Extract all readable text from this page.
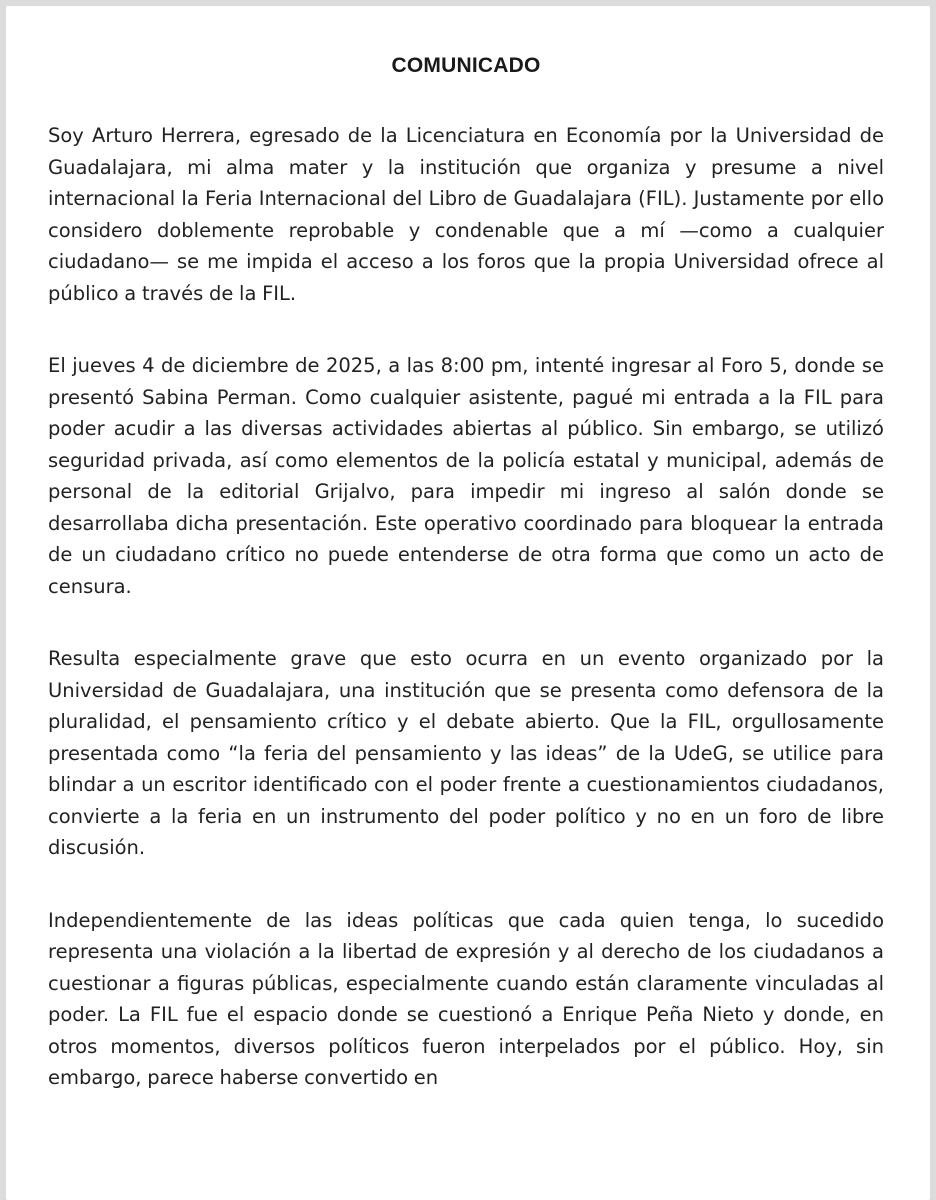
COMUNICADO

Soy Arturo Herrera, egresado de la Licenciatura en Economía por la Universidad de Guadalajara, mi alma mater y la institución que organiza y presume a nivel internacional la Feria Internacional del Libro de Guadalajara (FIL). Justamente por ello considero doblemente reprobable y condenable que a mí —como a cualquier ciudadano— se me impida el acceso a los foros que la propia Universidad ofrece al público a través de la FIL.

El jueves 4 de diciembre de 2025, a las 8:00 pm, intenté ingresar al Foro 5, donde se presentó Sabina Perman. Como cualquier asistente, pagué mi entrada a la FIL para poder acudir a las diversas actividades abiertas al público. Sin embargo, se utilizó seguridad privada, así como elementos de la policía estatal y municipal, además de personal de la editorial Grijalvo, para impedir mi ingreso al salón donde se desarrollaba dicha presentación. Este operativo coordinado para bloquear la entrada de un ciudadano crítico no puede entenderse de otra forma que como un acto de censura.

Resulta especialmente grave que esto ocurra en un evento organizado por la Universidad de Guadalajara, una institución que se presenta como defensora de la pluralidad, el pensamiento crítico y el debate abierto. Que la FIL, orgullosamente presentada como “la feria del pensamiento y las ideas” de la UdeG, se utilice para blindar a un escritor identificado con el poder frente a cuestionamientos ciudadanos, convierte a la feria en un instrumento del poder político y no en un foro de libre discusión.

Independientemente de las ideas políticas que cada quien tenga, lo sucedido representa una violación a la libertad de expresión y al derecho de los ciudadanos a cuestionar a figuras públicas, especialmente cuando están claramente vinculadas al poder. La FIL fue el espacio donde se cuestionó a Enrique Peña Nieto y donde, en otros momentos, diversos políticos fueron interpelados por el público. Hoy, sin embargo, parece haberse convertido en
